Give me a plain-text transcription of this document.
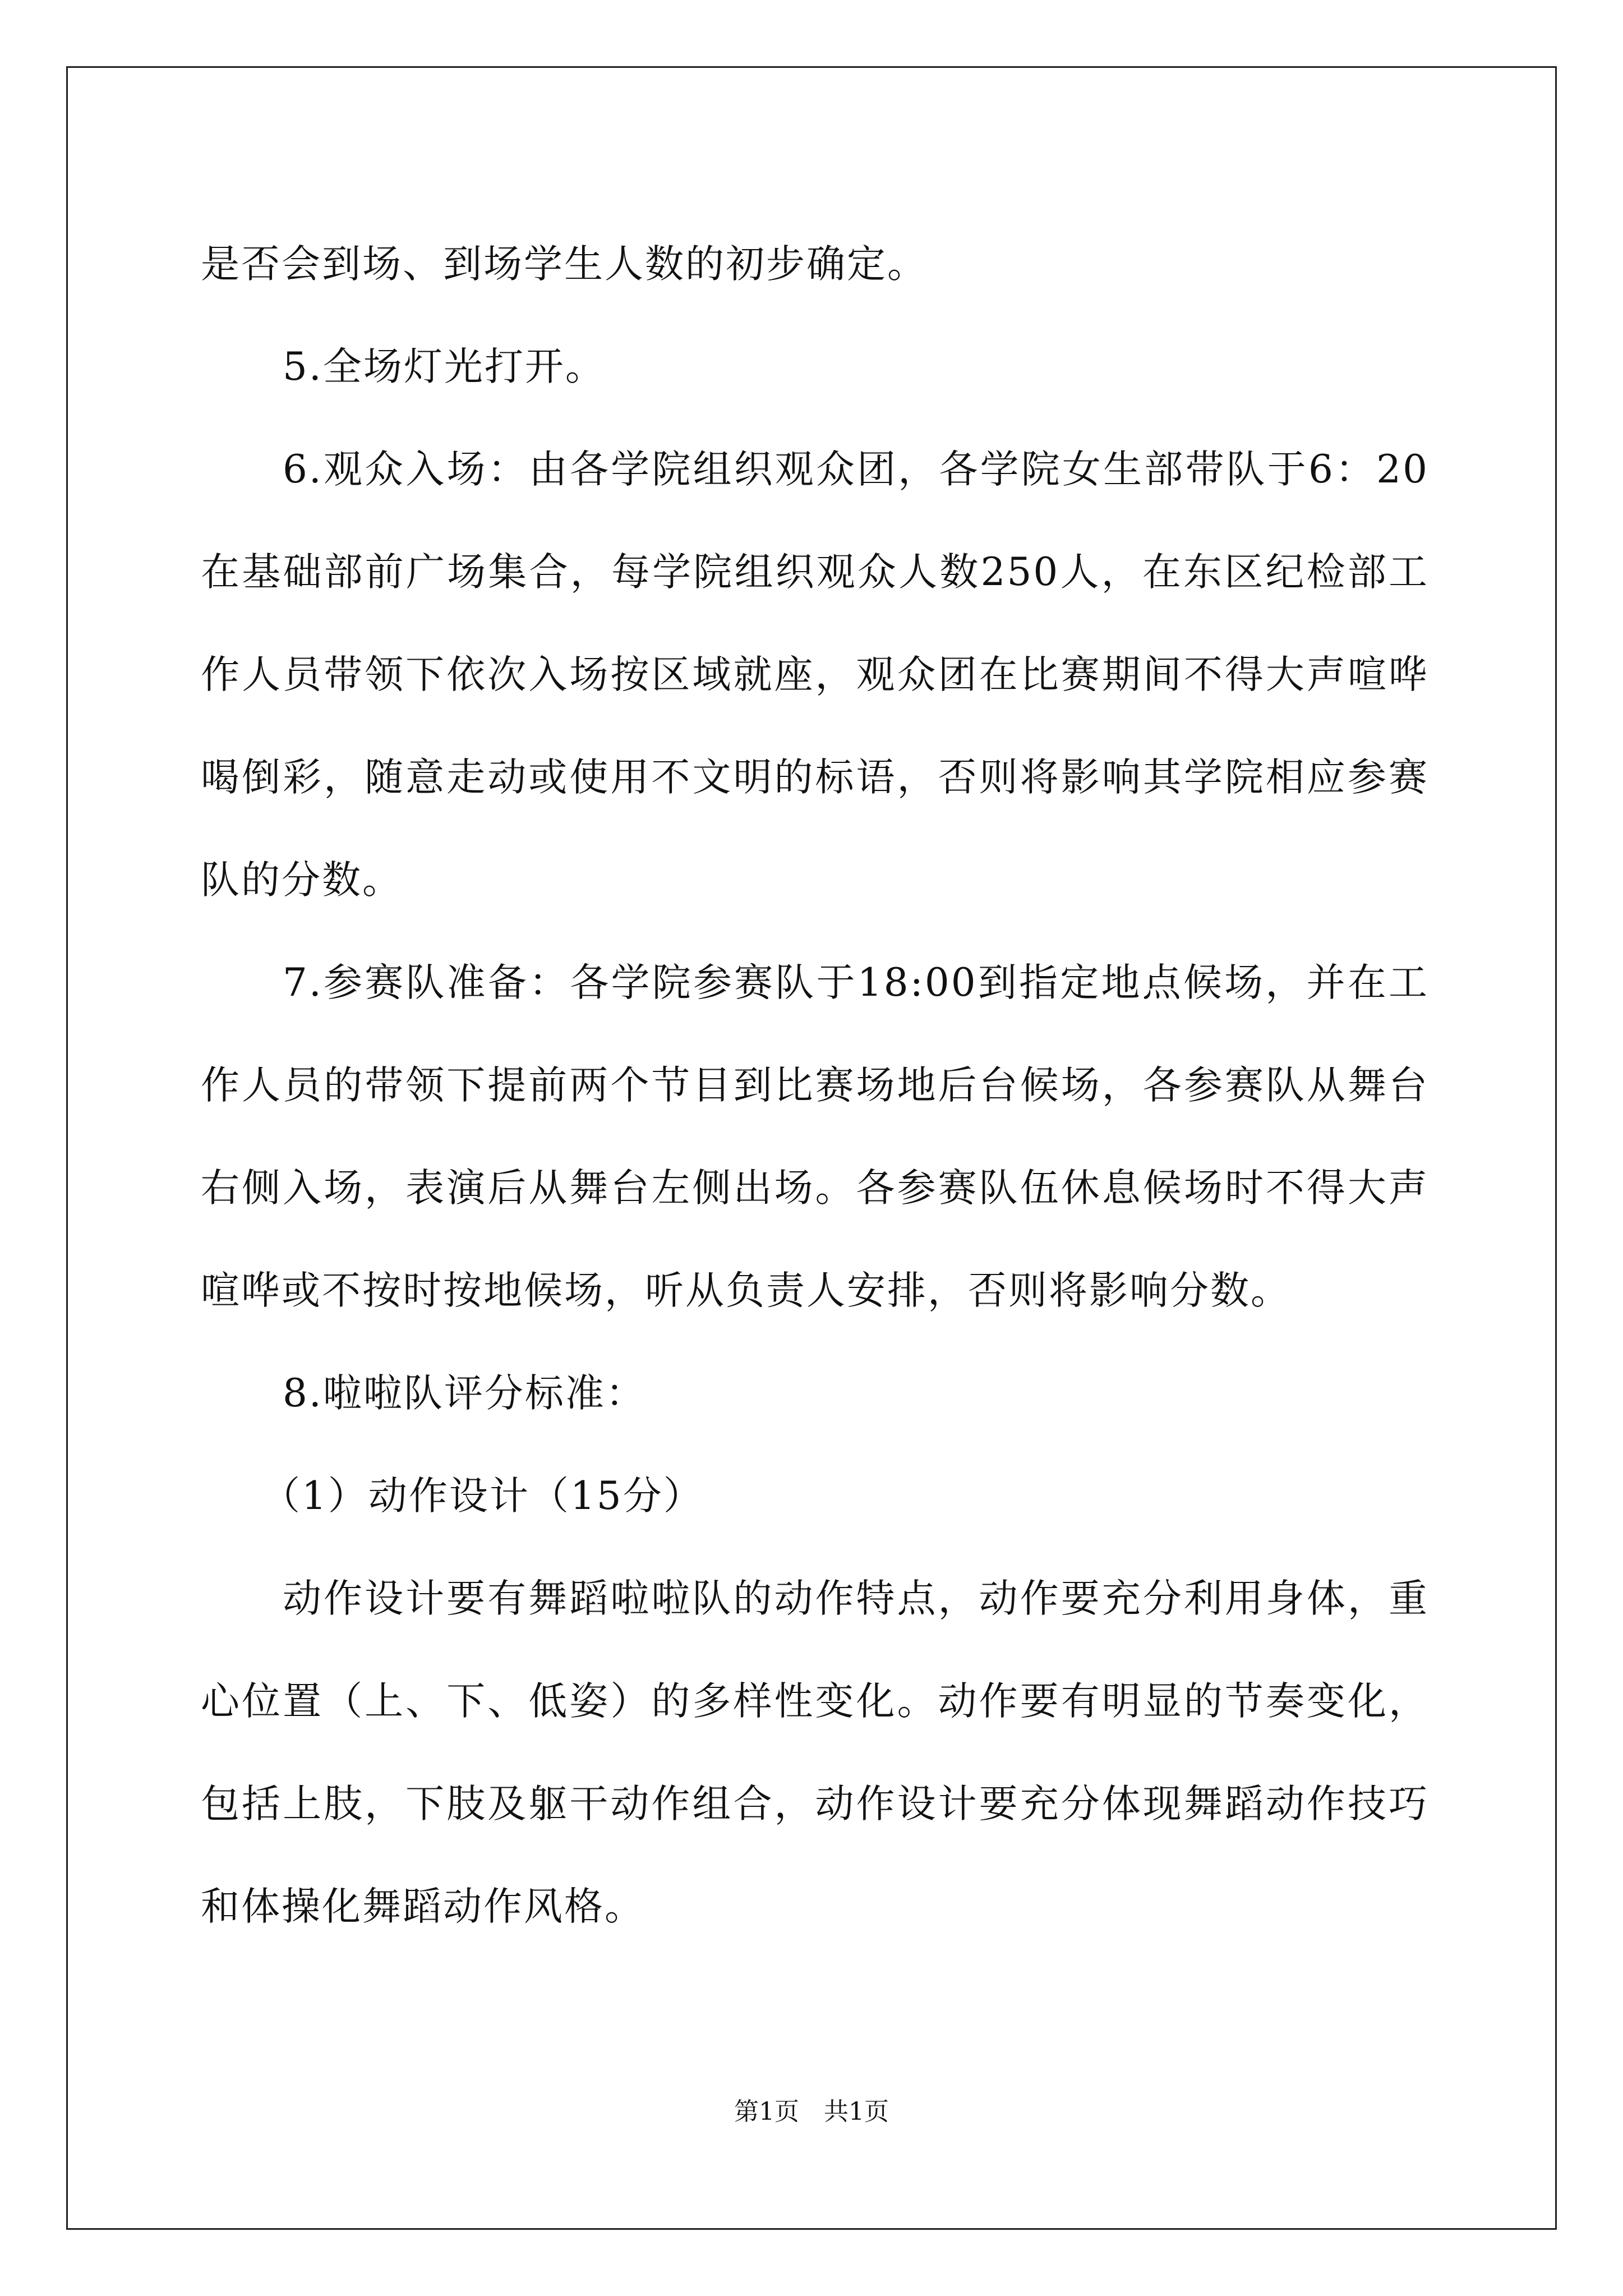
是否会到场、到场学生人数的初步确定。

5.全场灯光打开。

6.观众入场：由各学院组织观众团，各学院女生部带队于6：20在基础部前广场集合，每学院组织观众人数250人，在东区纪检部工作人员带领下依次入场按区域就座，观众团在比赛期间不得大声喧哗喝倒彩，随意走动或使用不文明的标语，否则将影响其学院相应参赛队的分数。

7.参赛队准备：各学院参赛队于18:00到指定地点候场，并在工作人员的带领下提前两个节目到比赛场地后台候场，各参赛队从舞台右侧入场，表演后从舞台左侧出场。各参赛队伍休息候场时不得大声喧哗或不按时按地候场，听从负责人安排，否则将影响分数。

8.啦啦队评分标准：

（1）动作设计（15分）

动作设计要有舞蹈啦啦队的动作特点，动作要充分利用身体，重心位置（上、下、低姿）的多样性变化。动作要有明显的节奏变化，包括上肢，下肢及躯干动作组合，动作设计要充分体现舞蹈动作技巧和体操化舞蹈动作风格。

第1页　共1页
